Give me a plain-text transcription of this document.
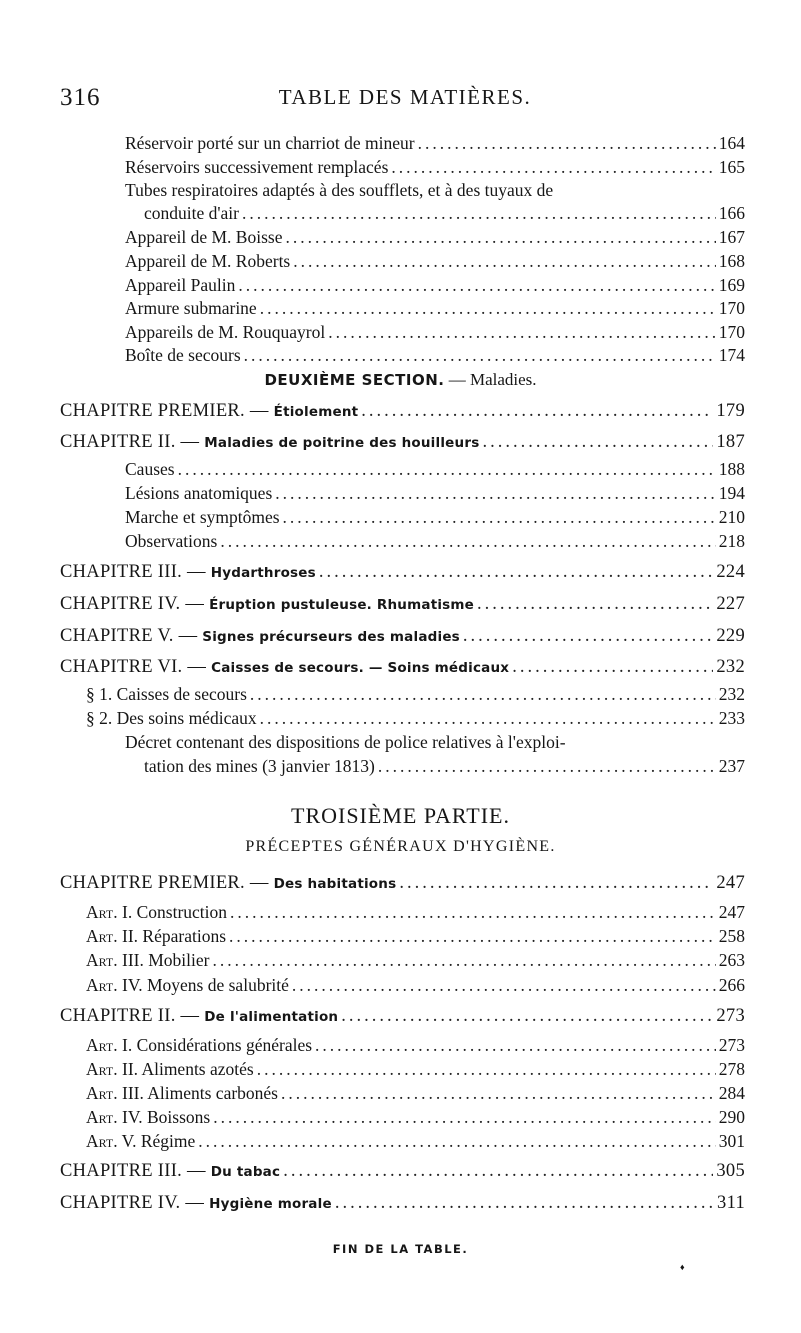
316	TABLE DES MATIÈRES.
Réservoir porté sur un charriot de mineur .....	164
Réservoirs successivement remplacés .....	165
Tubes respiratoires adaptés à des soufflets, et à des tuyaux de
conduite d'air .....	166
Appareil de M. Boisse .....	167
Appareil de M. Roberts .....	168
Appareil Paulin .....	169
Armure submarine .....	170
Appareils de M. Rouquayrol .....	170
Boîte de secours .....	174
DEUXIÈME SECTION. — Maladies.
CHAPITRE PREMIER. — Étiolement .....	179
CHAPITRE II. — Maladies de poitrine des houilleurs .....	187
Causes .....	188
Lésions anatomiques .....	194
Marche et symptômes .....	210
Observations .....	218
CHAPITRE III. — Hydarthroses .....	224
CHAPITRE IV. — Éruption pustuleuse. Rhumatisme .....	227
CHAPITRE V. — Signes précurseurs des maladies .....	229
CHAPITRE VI. — Caisses de secours. — Soins médicaux .....	232
§ 1. Caisses de secours .....	232
§ 2. Des soins médicaux .....	233
Décret contenant des dispositions de police relatives à l'exploi-
tation des mines (3 janvier 1813) .....	237
TROISIÈME PARTIE.
PRÉCEPTES GÉNÉRAUX D'HYGIÈNE.
CHAPITRE PREMIER. — Des habitations .....	247
Art. I. Construction .....	247
Art. II. Réparations .....	258
Art. III. Mobilier .....	263
Art. IV. Moyens de salubrité .....	266
CHAPITRE II. — De l'alimentation .....	273
Art. I. Considérations générales .....	273
Art. II. Aliments azotés .....	278
Art. III. Aliments carbonés .....	284
Art. IV. Boissons .....	290
Art. V. Régime .....	301
CHAPITRE III. — Du tabac .....	305
CHAPITRE IV. — Hygiène morale .....	311
FIN DE LA TABLE.
♦
